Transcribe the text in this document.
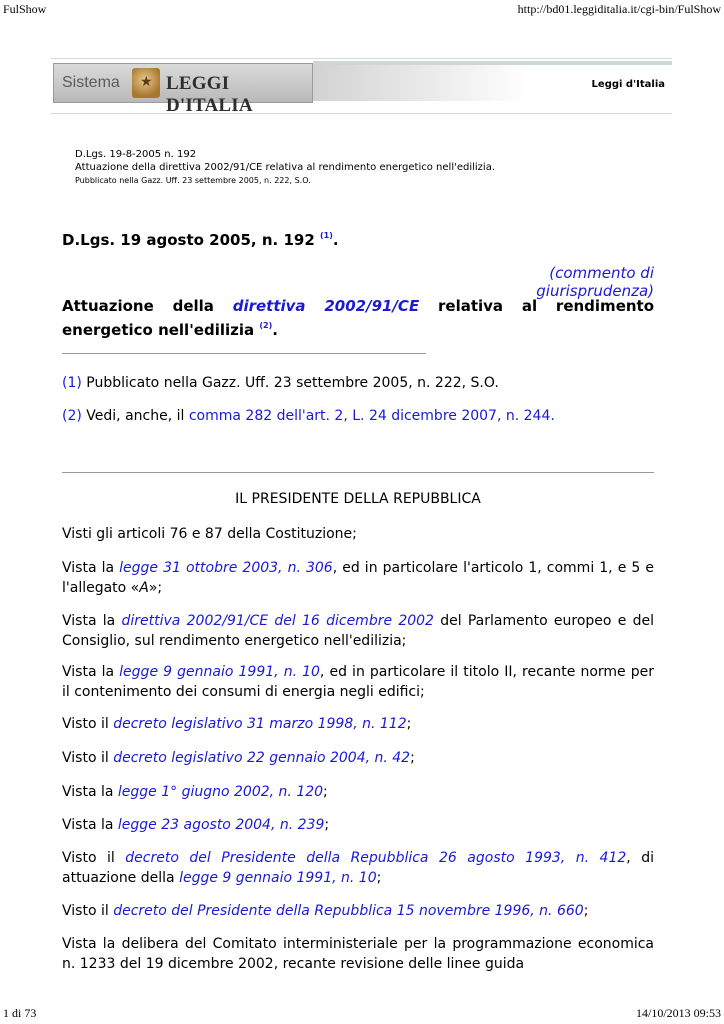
FulShow	http://bd01.leggiditalia.it/cgi-bin/FulShow
Sistema ★ LEGGI D'ITALIA
Leggi d'Italia
D.Lgs. 19-8-2005 n. 192
Attuazione della direttiva 2002/91/CE relativa al rendimento energetico nell'edilizia.
Pubblicato nella Gazz. Uff. 23 settembre 2005, n. 222, S.O.
D.Lgs. 19 agosto 2005, n. 192 $^{(1)}$.
(commento di giurisprudenza)
Attuazione della direttiva 2002/91/CE relativa al rendimento energetico nell'edilizia $^{(2)}$.
(1) Pubblicato nella Gazz. Uff. 23 settembre 2005, n. 222, S.O.
(2) Vedi, anche, il comma 282 dell'art. 2, L. 24 dicembre 2007, n. 244.
IL PRESIDENTE DELLA REPUBBLICA
Visti gli articoli 76 e 87 della Costituzione;
Vista la legge 31 ottobre 2003, n. 306, ed in particolare l'articolo 1, commi 1, e 5 e l'allegato «A»;
Vista la direttiva 2002/91/CE del 16 dicembre 2002 del Parlamento europeo e del Consiglio, sul rendimento energetico nell'edilizia;
Vista la legge 9 gennaio 1991, n. 10, ed in particolare il titolo II, recante norme per il contenimento dei consumi di energia negli edifici;
Visto il decreto legislativo 31 marzo 1998, n. 112;
Visto il decreto legislativo 22 gennaio 2004, n. 42;
Vista la legge 1° giugno 2002, n. 120;
Vista la legge 23 agosto 2004, n. 239;
Visto il decreto del Presidente della Repubblica 26 agosto 1993, n. 412, di attuazione della legge 9 gennaio 1991, n. 10;
Visto il decreto del Presidente della Repubblica 15 novembre 1996, n. 660;
Vista la delibera del Comitato interministeriale per la programmazione economica n. 1233 del 19 dicembre 2002, recante revisione delle linee guida
1 di 73	14/10/2013 09:53
